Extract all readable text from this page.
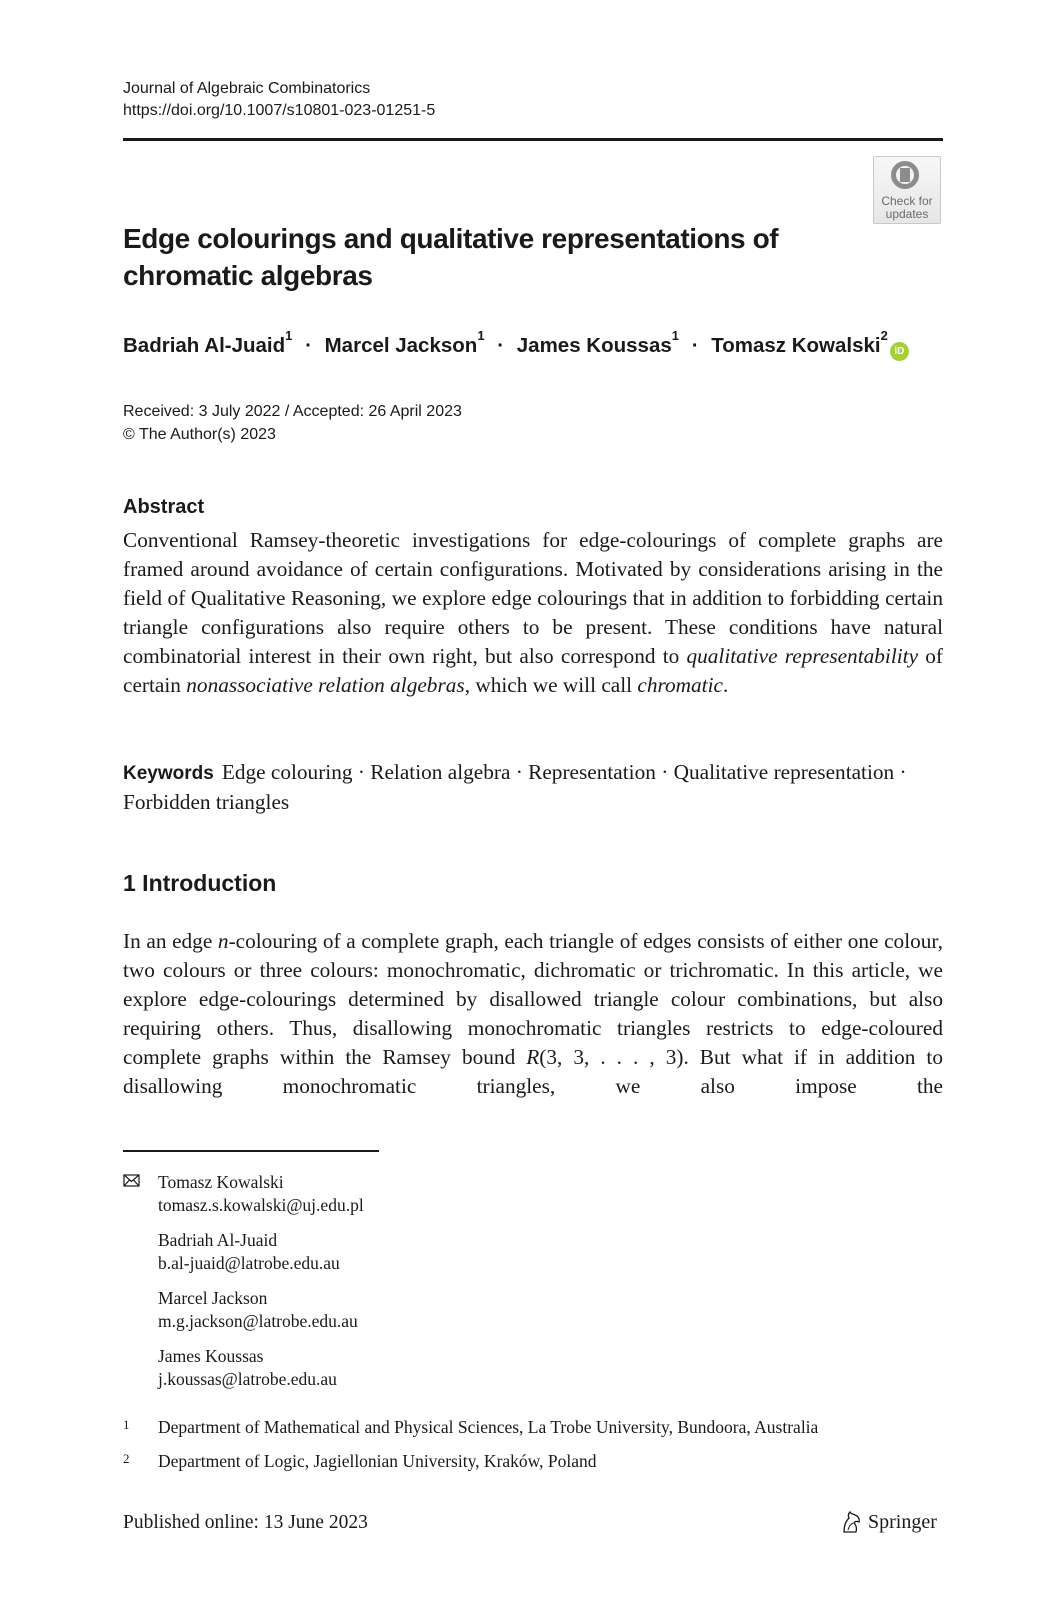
Journal of Algebraic Combinatorics
https://doi.org/10.1007/s10801-023-01251-5
Check for
updates
Edge colourings and qualitative representations of
chromatic algebras
Badriah Al-Juaid$^1$ · Marcel Jackson$^1$ · James Koussas$^1$ · Tomasz Kowalski$^2$iD
Received: 3 July 2022 / Accepted: 26 April 2023
© The Author(s) 2023
Abstract
Conventional Ramsey-theoretic investigations for edge-colourings of complete graphs are framed around avoidance of certain configurations. Motivated by considerations arising in the field of Qualitative Reasoning, we explore edge colourings that in addition to forbidding certain triangle configurations also require others to be present. These conditions have natural combinatorial interest in their own right, but also correspond to qualitative representability of certain nonassociative relation algebras, which we will call chromatic.
Keywords Edge colouring · Relation algebra · Representation · Qualitative representation · Forbidden triangles
1 Introduction
In an edge n-colouring of a complete graph, each triangle of edges consists of either one colour, two colours or three colours: monochromatic, dichromatic or trichromatic. In this article, we explore edge-colourings determined by disallowed triangle colour combinations, but also requiring others. Thus, disallowing monochromatic triangles restricts to edge-coloured complete graphs within the Ramsey bound R(3, 3, . . . , 3). But what if in addition to disallowing monochromatic triangles, we also impose the
Tomasz Kowalski
tomasz.s.kowalski@uj.edu.pl
Badriah Al-Juaid
b.al-juaid@latrobe.edu.au
Marcel Jackson
m.g.jackson@latrobe.edu.au
James Koussas
j.koussas@latrobe.edu.au
1 Department of Mathematical and Physical Sciences, La Trobe University, Bundoora, Australia
2 Department of Logic, Jagiellonian University, Kraków, Poland
Published online: 13 June 2023	Springer
